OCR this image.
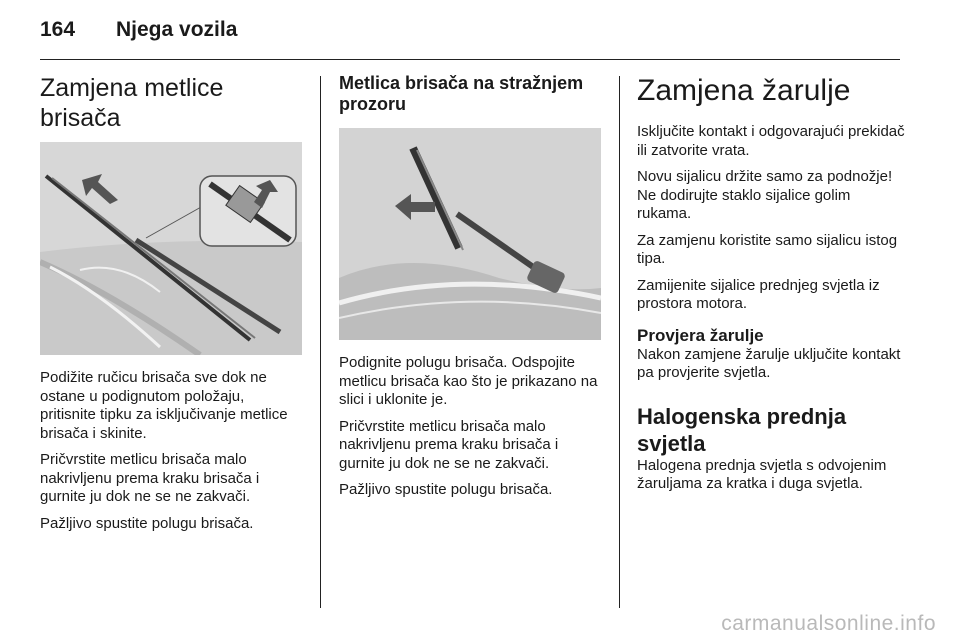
164 Njega vozila
Zamjena metlice brisača

Podižite ručicu brisača sve dok ne ostane u podignutom položaju, pritisnite tipku za isključivanje metlice brisača i skinite.

Pričvrstite metlicu brisača malo nakrivljenu prema kraku brisača i gurnite ju dok ne se ne zakvači.

Pažljivo spustite polugu brisača.

Metlica brisača na stražnjem prozoru

Podignite polugu brisača. Odspojite metlicu brisača kao što je prikazano na slici i uklonite je.

Pričvrstite metlicu brisača malo nakrivljenu prema kraku brisača i gurnite ju dok ne se ne zakvači.

Pažljivo spustite polugu brisača.

Zamjena žarulje

Isključite kontakt i odgovarajući prekidač ili zatvorite vrata.

Novu sijalicu držite samo za podnožje! Ne dodirujte staklo sijalice golim rukama.

Za zamjenu koristite samo sijalicu istog tipa.

Zamijenite sijalice prednjeg svjetla iz prostora motora.

Provjera žarulje

Nakon zamjene žarulje uključite kontakt pa provjerite svjetla.

Halogenska prednja svjetla

Halogena prednja svjetla s odvojenim žaruljama za kratka i duga svjetla.

carmanualsonline.info
